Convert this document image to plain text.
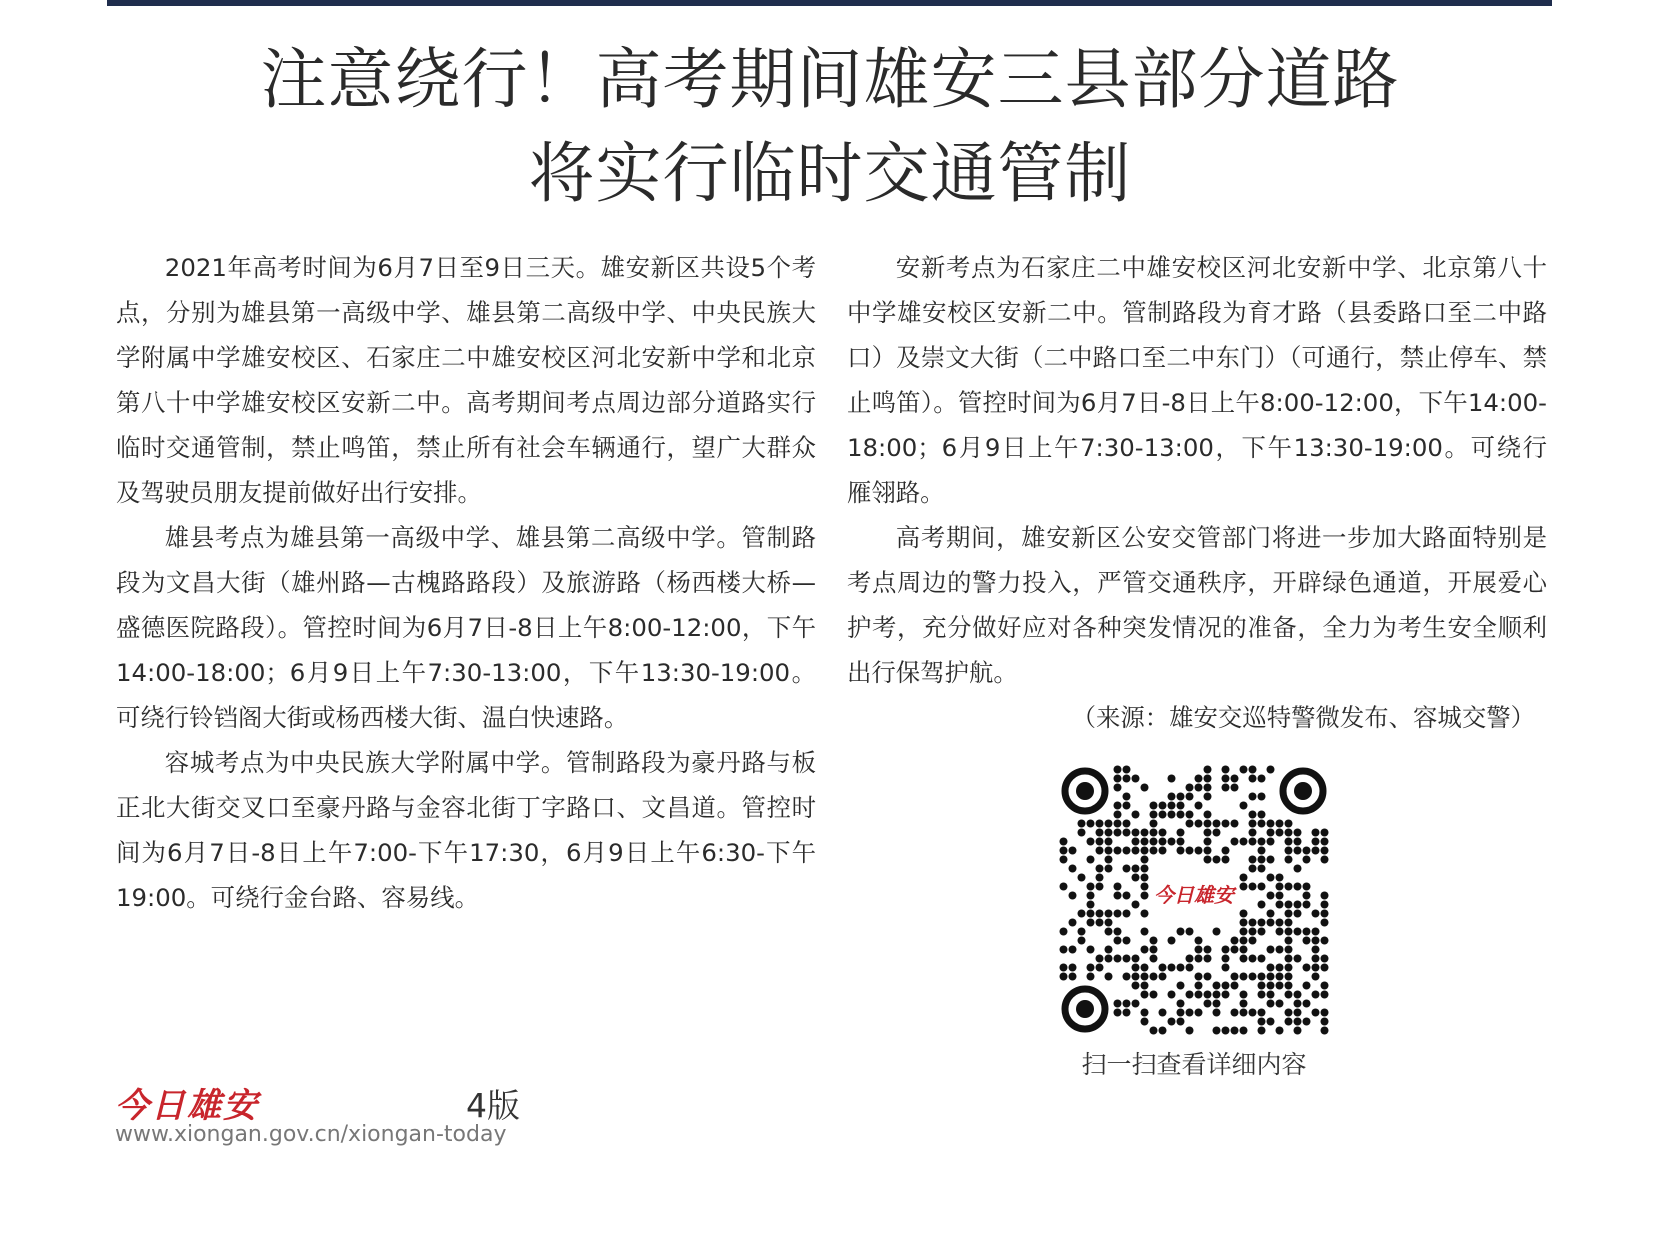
注意绕行！高考期间雄安三县部分道路
将实行临时交通管制

2021年高考时间为6月7日至9日三天。雄安新区共设5个考点，分别为雄县第一高级中学、雄县第二高级中学、中央民族大学附属中学雄安校区、石家庄二中雄安校区河北安新中学和北京第八十中学雄安校区安新二中。高考期间考点周边部分道路实行临时交通管制，禁止鸣笛，禁止所有社会车辆通行，望广大群众及驾驶员朋友提前做好出行安排。

雄县考点为雄县第一高级中学、雄县第二高级中学。管制路段为文昌大街（雄州路—古槐路路段）及旅游路（杨西楼大桥—盛德医院路段）。管控时间为6月7日-8日上午8:00-12:00，下午14:00-18:00；6月9日上午7:30-13:00，下午13:30-19:00。可绕行铃铛阁大街或杨西楼大街、温白快速路。

容城考点为中央民族大学附属中学。管制路段为豪丹路与板正北大街交叉口至豪丹路与金容北街丁字路口、文昌道。管控时间为6月7日-8日上午7:00-下午17:30，6月9日上午6:30-下午19:00。可绕行金台路、容易线。

安新考点为石家庄二中雄安校区河北安新中学、北京第八十中学雄安校区安新二中。管制路段为育才路（县委路口至二中路口）及崇文大街（二中路口至二中东门）（可通行，禁止停车、禁止鸣笛）。管控时间为6月7日-8日上午8:00-12:00，下午14:00-18:00；6月9日上午7:30-13:00，下午13:30-19:00。可绕行雁翎路。

高考期间，雄安新区公安交管部门将进一步加大路面特别是考点周边的警力投入，严管交通秩序，开辟绿色通道，开展爱心护考，充分做好应对各种突发情况的准备，全力为考生安全顺利出行保驾护航。

（来源：雄安交巡特警微发布、容城交警）

今日雄安
扫一扫查看详细内容
今日雄安	4版
www.xiongan.gov.cn/xiongan-today
